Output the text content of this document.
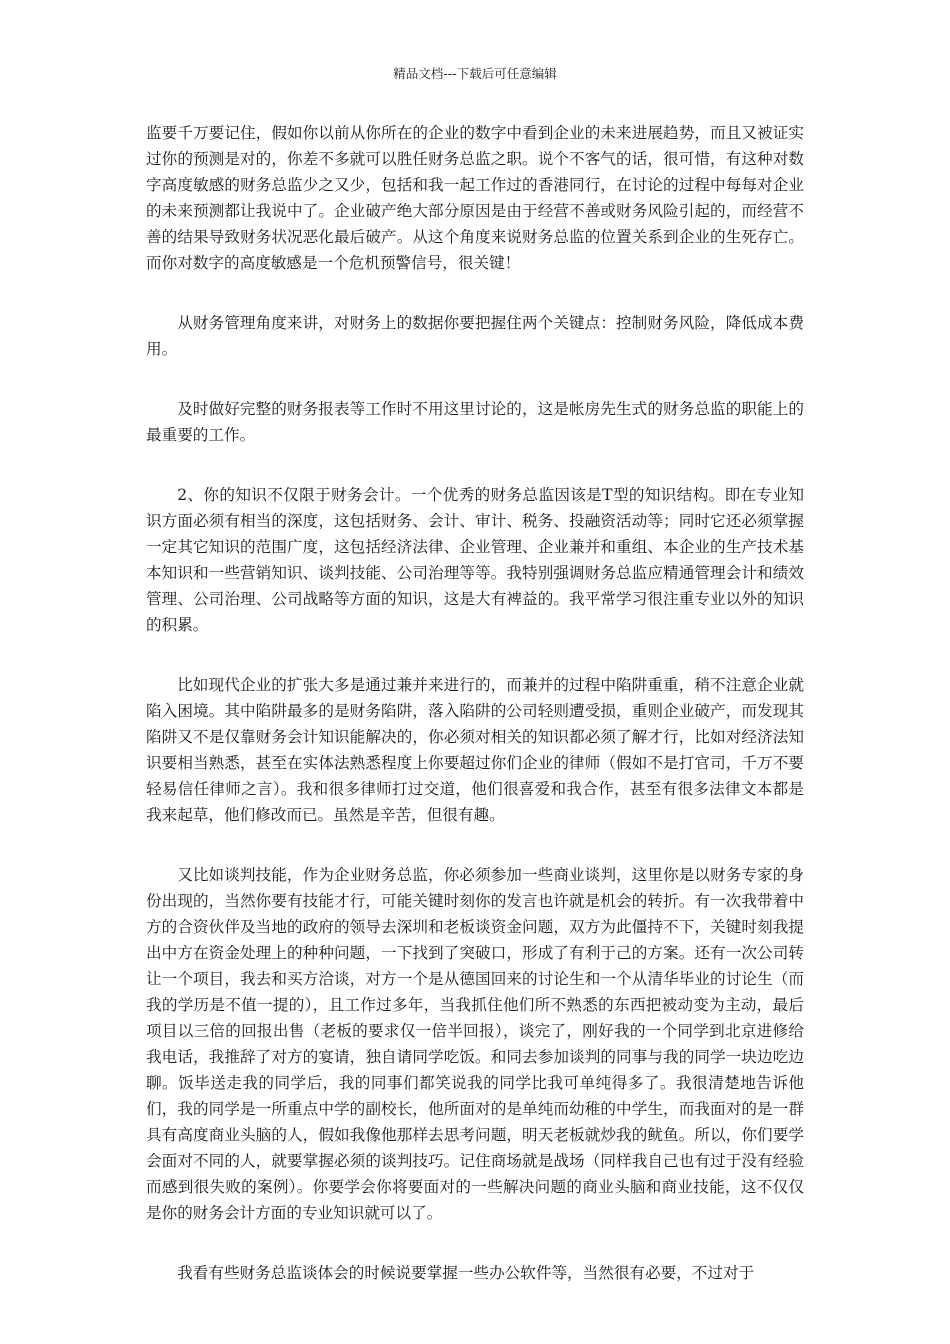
精品文档---下载后可任意编辑

监要千万要记住，假如你以前从你所在的企业的数字中看到企业的未来进展趋势，而且又被证实过你的预测是对的，你差不多就可以胜任财务总监之职。说个不客气的话，很可惜，有这种对数字高度敏感的财务总监少之又少，包括和我一起工作过的香港同行，在讨论的过程中每每对企业的未来预测都让我说中了。企业破产绝大部分原因是由于经营不善或财务风险引起的，而经营不善的结果导致财务状况恶化最后破产。从这个角度来说财务总监的位置关系到企业的生死存亡。而你对数字的高度敏感是一个危机预警信号，很关键！

从财务管理角度来讲，对财务上的数据你要把握住两个关键点：控制财务风险，降低成本费用。

及时做好完整的财务报表等工作时不用这里讨论的，这是帐房先生式的财务总监的职能上的最重要的工作。

2、你的知识不仅限于财务会计。一个优秀的财务总监因该是T型的知识结构。即在专业知识方面必须有相当的深度，这包括财务、会计、审计、税务、投融资活动等；同时它还必须掌握一定其它知识的范围广度，这包括经济法律、企业管理、企业兼并和重组、本企业的生产技术基本知识和一些营销知识、谈判技能、公司治理等等。我特别强调财务总监应精通管理会计和绩效管理、公司治理、公司战略等方面的知识，这是大有裨益的。我平常学习很注重专业以外的知识的积累。

比如现代企业的扩张大多是通过兼并来进行的，而兼并的过程中陷阱重重，稍不注意企业就陷入困境。其中陷阱最多的是财务陷阱，落入陷阱的公司轻则遭受损，重则企业破产，而发现其陷阱又不是仅靠财务会计知识能解决的，你必须对相关的知识都必须了解才行，比如对经济法知识要相当熟悉，甚至在实体法熟悉程度上你要超过你们企业的律师（假如不是打官司，千万不要轻易信任律师之言）。我和很多律师打过交道，他们很喜爱和我合作，甚至有很多法律文本都是我来起草，他们修改而已。虽然是辛苦，但很有趣。

又比如谈判技能，作为企业财务总监，你必须参加一些商业谈判，这里你是以财务专家的身份出现的，当然你要有技能才行，可能关键时刻你的发言也许就是机会的转折。有一次我带着中方的合资伙伴及当地的政府的领导去深圳和老板谈资金问题，双方为此僵持不下，关键时刻我提出中方在资金处理上的种种问题，一下找到了突破口，形成了有利于己的方案。还有一次公司转让一个项目，我去和买方洽谈，对方一个是从德国回来的讨论生和一个从清华毕业的讨论生（而我的学历是不值一提的），且工作过多年，当我抓住他们所不熟悉的东西把被动变为主动，最后项目以三倍的回报出售（老板的要求仅一倍半回报），谈完了，刚好我的一个同学到北京进修给我电话，我推辞了对方的宴请，独自请同学吃饭。和同去参加谈判的同事与我的同学一块边吃边聊。饭毕送走我的同学后，我的同事们都笑说我的同学比我可单纯得多了。我很清楚地告诉他们，我的同学是一所重点中学的副校长，他所面对的是单纯而幼稚的中学生，而我面对的是一群具有高度商业头脑的人，假如我像他那样去思考问题，明天老板就炒我的鱿鱼。所以，你们要学会面对不同的人，就要掌握必须的谈判技巧。记住商场就是战场（同样我自己也有过于没有经验而感到很失败的案例）。你要学会你将要面对的一些解决问题的商业头脑和商业技能，这不仅仅是你的财务会计方面的专业知识就可以了。

我看有些财务总监谈体会的时候说要掌握一些办公软件等，当然很有必要，不过对于
